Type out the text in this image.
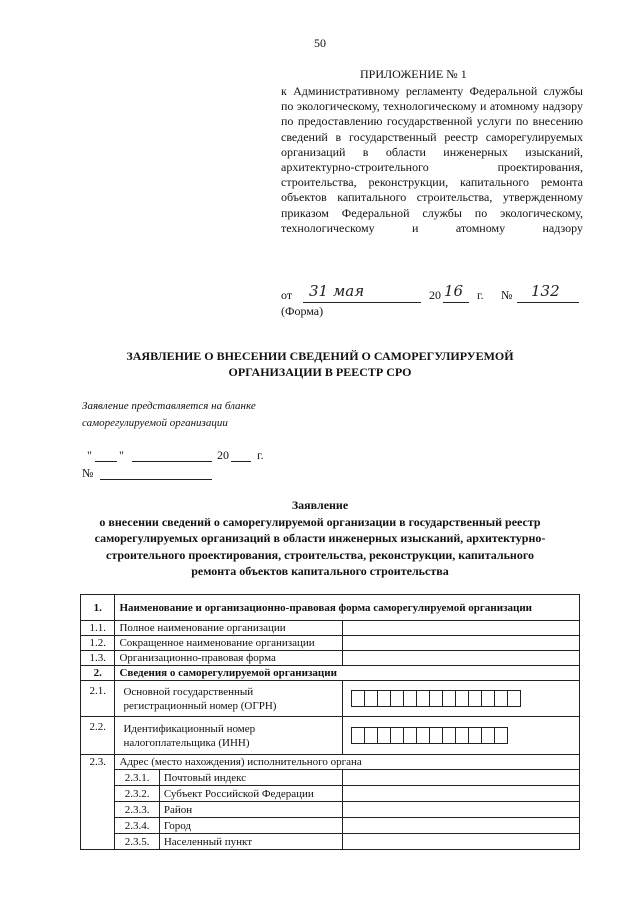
50
ПРИЛОЖЕНИЕ № 1
к Административному регламенту Федеральной службы по экологическому, технологическому и атомному надзору по предоставлению государственной услуги по внесению сведений в государственный реестр саморегулируемых организаций в области инженерных изысканий, архитектурно-строительного проектирования, строительства, реконструкции, капитального ремонта объектов капитального строительства, утвержденному приказом Федеральной службы по экологическому, технологическому и атомному надзору
от 31 мая	20 16 г. № 132
(Форма)
ЗАЯВЛЕНИЕ О ВНЕСЕНИИ СВЕДЕНИЙ О САМОРЕГУЛИРУЕМОЙ
ОРГАНИЗАЦИИ В РЕЕСТР СРО
Заявление представляется на бланке
саморегулируемой организации
" "	20 г.
№
Заявление
о внесении сведений о саморегулируемой организации в государственный реестр
саморегулируемых организаций в области инженерных изысканий, архитектурно-
строительного проектирования, строительства, реконструкции, капитального
ремонта объектов капитального строительства
1.	Наименование и организационно-правовая форма саморегулируемой организации		
1.1.	Полное наименование организации		
1.2.	Сокращенное наименование организации		
1.3.	Организационно-правовая форма		
2.	Сведения о саморегулируемой организации		
2.1.	Основной государственный
регистрационный номер (ОГРН)		

2.2.	Идентификационный номер
налогоплательщика (ИНН)		

2.3.	Адрес (место нахождения) исполнительного органа		
	2.3.1.	Почтовый индекс	
	2.3.2.	Субъект Российской Федерации	
	2.3.3.	Район	
	2.3.4.	Город	
	2.3.5.	Населенный пункт	
